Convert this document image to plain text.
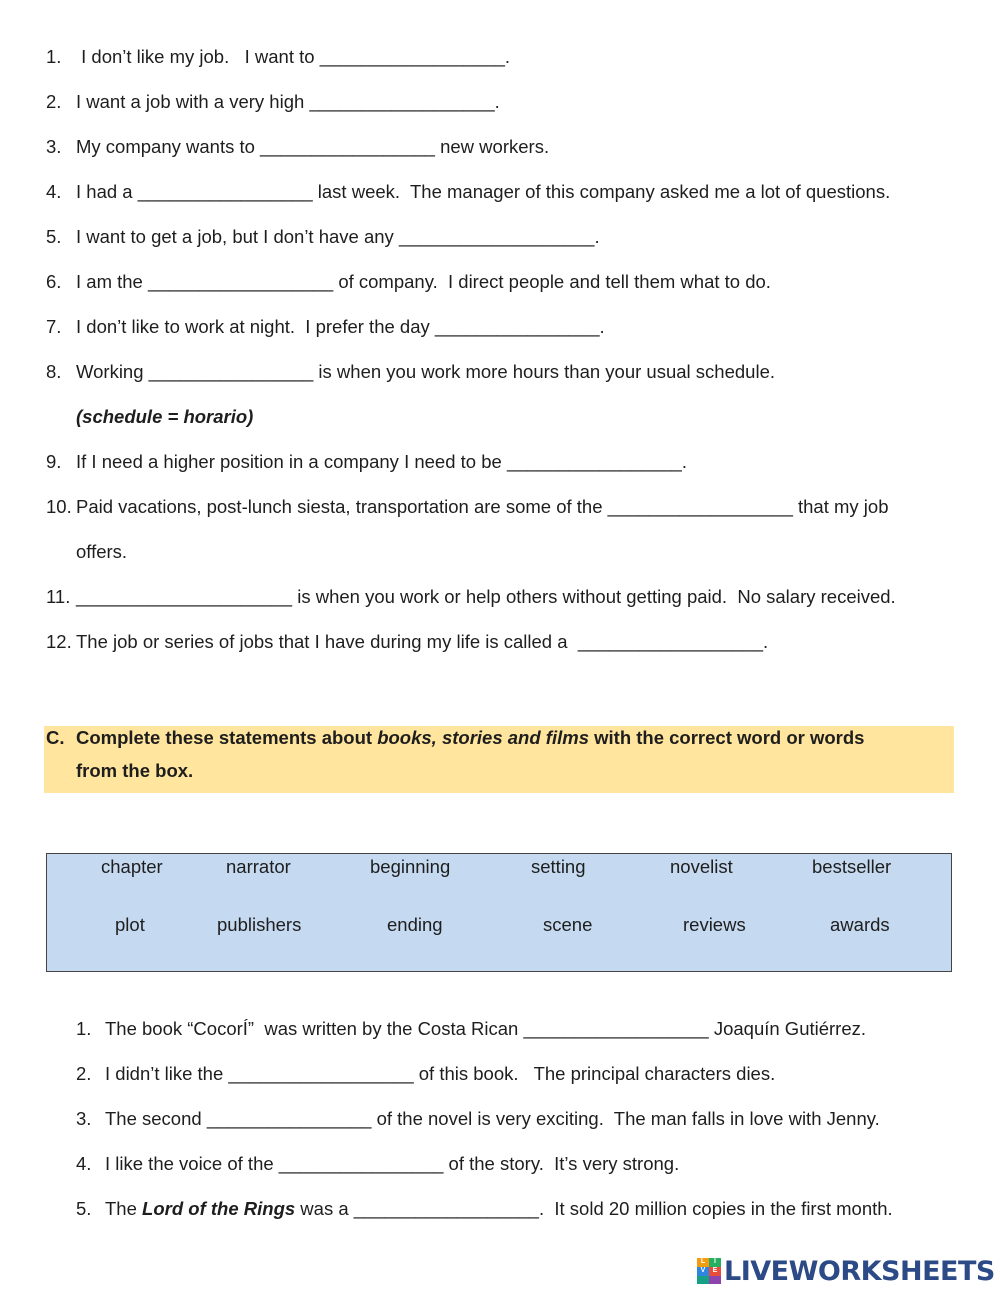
1. I don’t like my job.   I want to __________________ .
2. I want a job with a very high __________________ .
3. My company wants to _________________ new workers.
4. I had a _________________ last week.  The manager of this company asked me a lot of questions.
5. I want to get a job, but I don’t have any ___________________ .
6. I am the __________________ of company.  I direct people and tell them what to do.
7. I don’t like to work at night.  I prefer the day ________________ .
8. Working ________________ is when you work more hours than your usual schedule.
(schedule = horario)
9. If I need a higher position in a company I need to be _________________ .
10. Paid vacations, post-lunch siesta, transportation are some of the __________________ that my job
offers.
11. _____________________ is when you work or help others without getting paid.  No salary received.
12. The job or series of jobs that I have during my life is called a __________________ .
C. Complete these statements about books, stories and films with the correct word or words
from the box.
chapter	narrator	beginning	setting	novelist	bestseller
plot	publishers	ending	scene	reviews	awards
1. The book “CocorÍ”  was written by the Costa Rican __________________ Joaquín Gutiérrez.
2. I didn’t like the __________________ of this book.   The principal characters dies.
3. The second ________________ of the novel is very exciting.  The man falls in love with Jenny.
4. I like the voice of the ________________ of the story.  It’s very strong.
5. The Lord of the Rings was a __________________ .  It sold 20 million copies in the first month.
L	I
V	E LIVEWORKSHEETS
